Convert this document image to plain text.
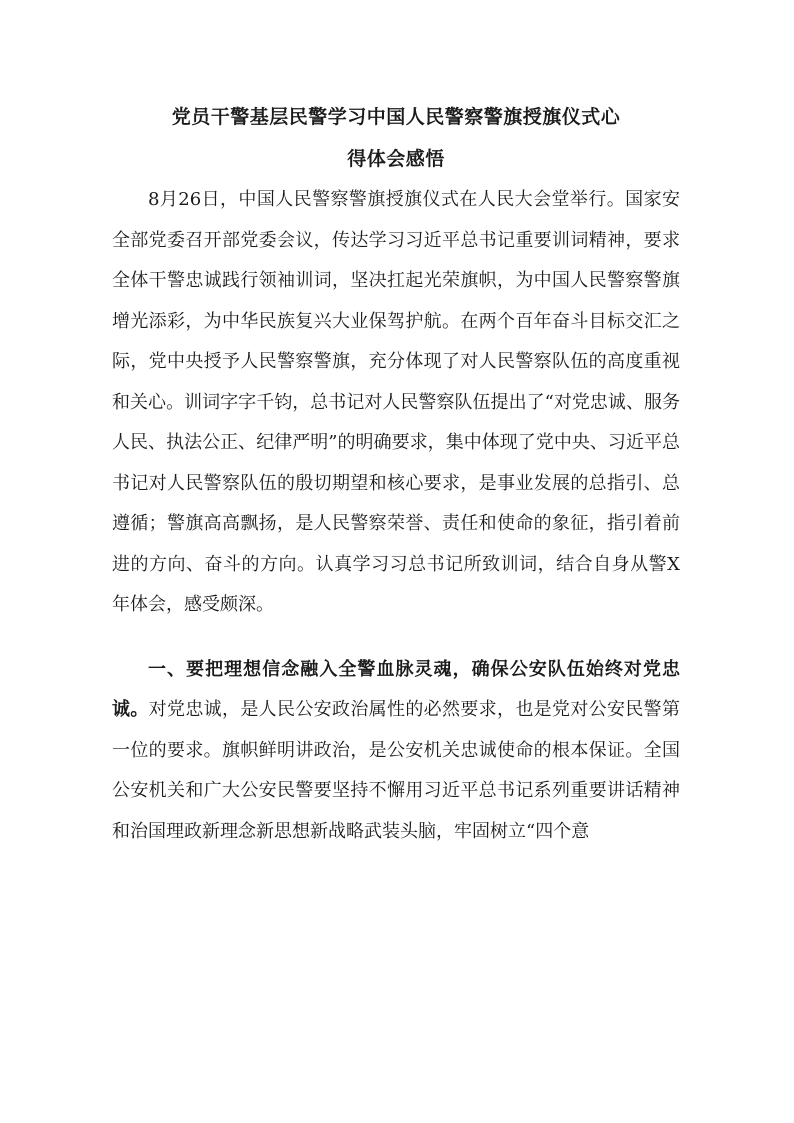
党员干警基层民警学习中国人民警察警旗授旗仪式心
得体会感悟

8月26日，中国人民警察警旗授旗仪式在人民大会堂举行。国家安全部党委召开部党委会议，传达学习习近平总书记重要训词精神，要求全体干警忠诚践行领袖训词，坚决扛起光荣旗帜，为中国人民警察警旗增光添彩，为中华民族复兴大业保驾护航。在两个百年奋斗目标交汇之际，党中央授予人民警察警旗，充分体现了对人民警察队伍的高度重视和关心。训词字字千钧，总书记对人民警察队伍提出了“对党忠诚、服务人民、执法公正、纪律严明”的明确要求，集中体现了党中央、习近平总书记对人民警察队伍的殷切期望和核心要求，是事业发展的总指引、总遵循；警旗高高飘扬，是人民警察荣誉、责任和使命的象征，指引着前进的方向、奋斗的方向。认真学习习总书记所致训词，结合自身从警X年体会，感受颇深。

一、要把理想信念融入全警血脉灵魂，确保公安队伍始终对党忠诚。对党忠诚，是人民公安政治属性的必然要求，也是党对公安民警第一位的要求。旗帜鲜明讲政治，是公安机关忠诚使命的根本保证。全国公安机关和广大公安民警要坚持不懈用习近平总书记系列重要讲话精神和治国理政新理念新思想新战略武装头脑，牢固树立“四个意
